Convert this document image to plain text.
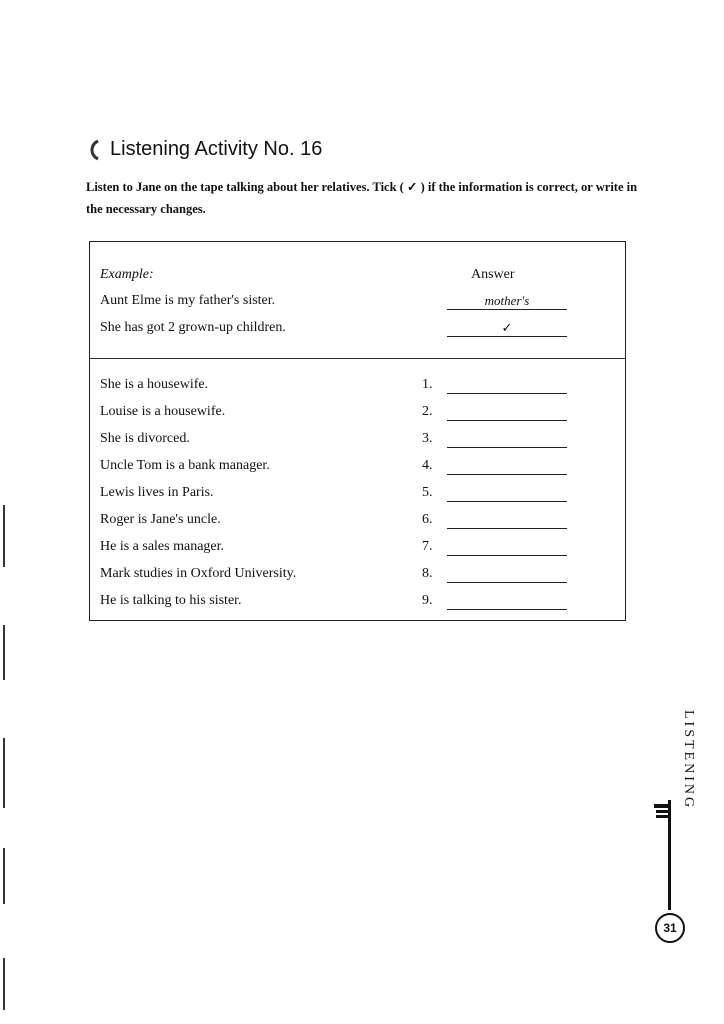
Listening Activity No. 16
Listen to Jane on the tape talking about her relatives. Tick ( ✓ ) if the information is correct, or write in the necessary changes.
Example:	Answer
Aunt Elme is my father's sister.	mother's
She has got 2 grown-up children.	✓
She is a housewife.	1.
Louise is a housewife.	2.
She is divorced.	3.
Uncle Tom is a bank manager.	4.
Lewis lives in Paris.	5.
Roger is Jane's uncle.	6.
He is a sales manager.	7.
Mark studies in Oxford University.	8.
He is talking to his sister.	9.
LISTENING
31
